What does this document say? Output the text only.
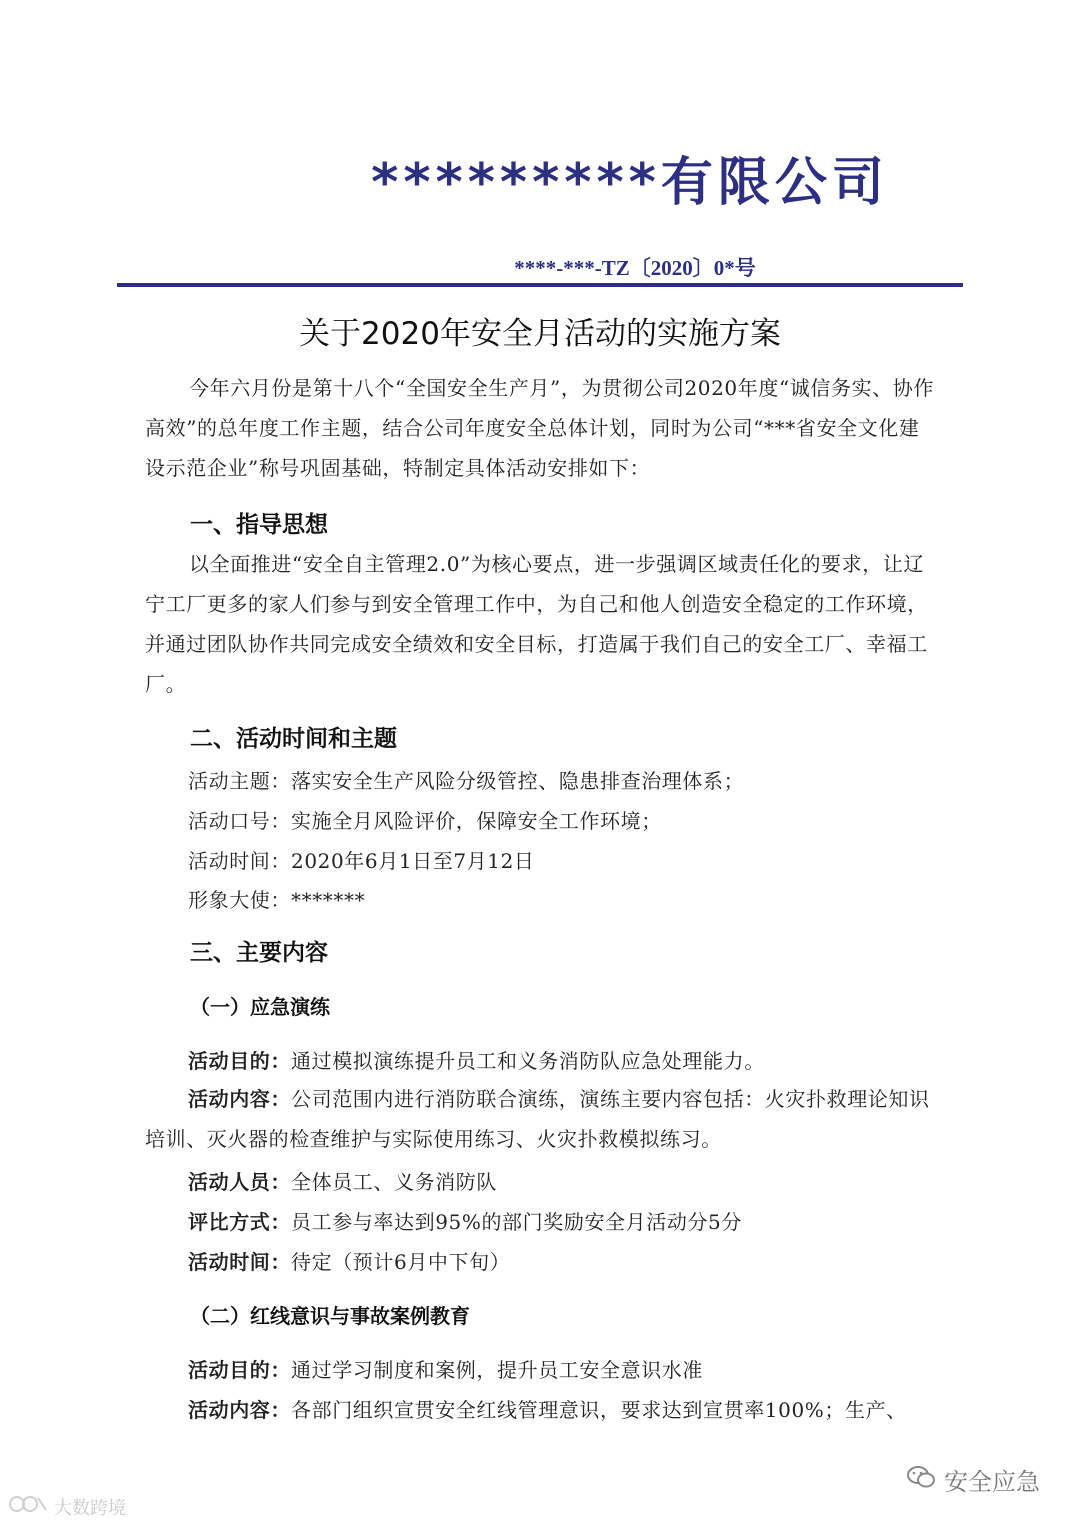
*********有限公司
****-***-TZ〔2020〕0*号
关于2020年安全月活动的实施方案
今年六月份是第十八个“全国安全生产月”，为贯彻公司2020年度“诚信务实、协作高效”的总年度工作主题，结合公司年度安全总体计划，同时为公司“***省安全文化建设示范企业”称号巩固基础，特制定具体活动安排如下：
一、指导思想
以全面推进“安全自主管理2.0”为核心要点，进一步强调区域责任化的要求，让辽宁工厂更多的家人们参与到安全管理工作中，为自己和他人创造安全稳定的工作环境，并通过团队协作共同完成安全绩效和安全目标，打造属于我们自己的安全工厂、幸福工厂。
二、活动时间和主题
活动主题：落实安全生产风险分级管控、隐患排查治理体系；
活动口号：实施全月风险评价，保障安全工作环境；
活动时间：2020年6月1日至7月12日
形象大使：*******
三、主要内容
（一）应急演练
活动目的：通过模拟演练提升员工和义务消防队应急处理能力。
活动内容：公司范围内进行消防联合演练，演练主要内容包括：火灾扑救理论知识培训、灭火器的检查维护与实际使用练习、火灾扑救模拟练习。
活动人员：全体员工、义务消防队
评比方式：员工参与率达到95%的部门奖励安全月活动分5分
活动时间：待定（预计6月中下旬）
（二）红线意识与事故案例教育
活动目的：通过学习制度和案例，提升员工安全意识水准
活动内容：各部门组织宣贯安全红线管理意识，要求达到宣贯率100%；生产、
大数跨境
安全应急
